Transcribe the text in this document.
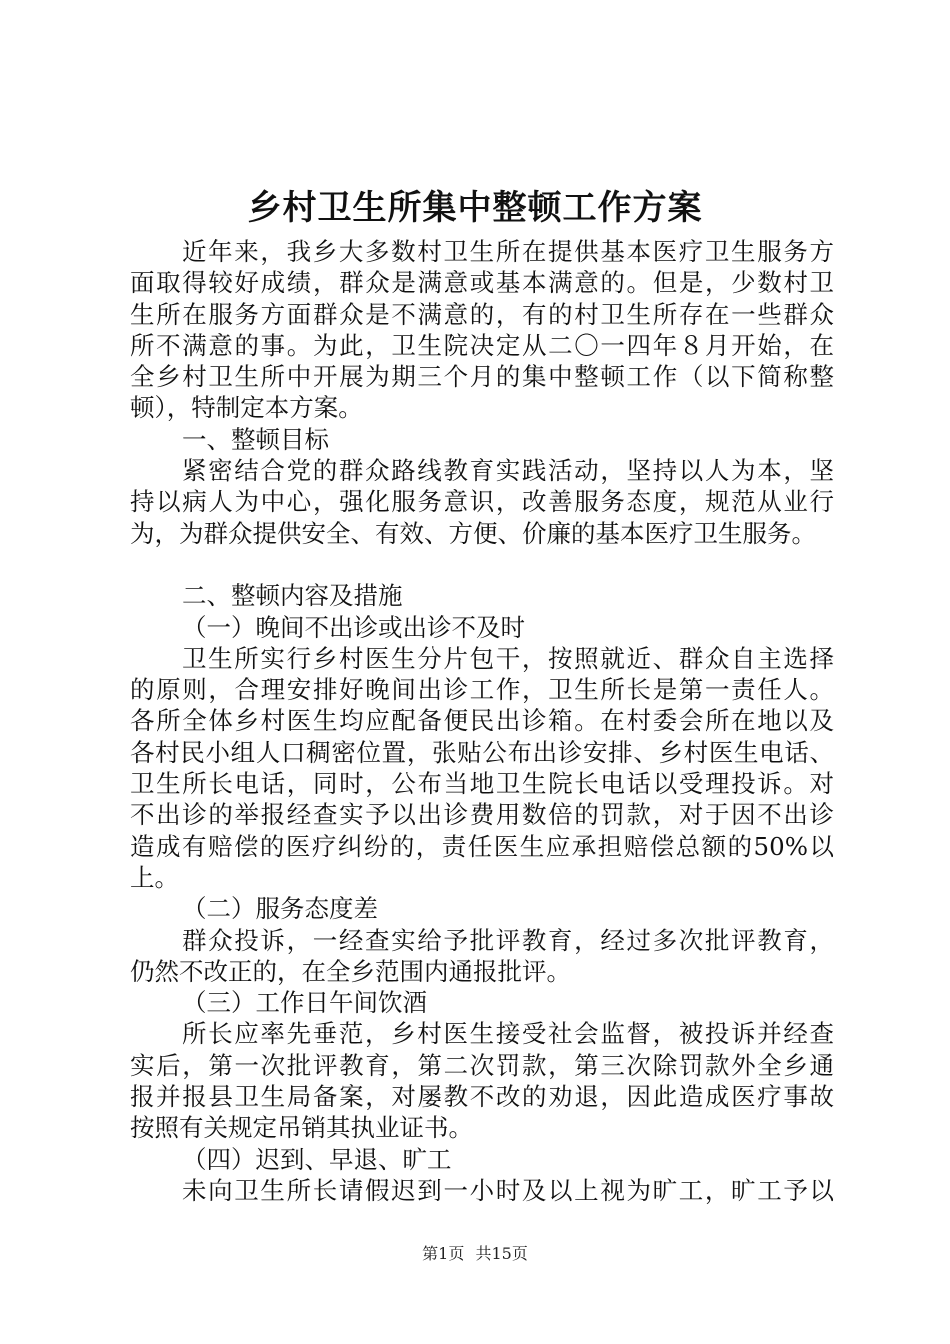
乡村卫生所集中整顿工作方案
近年来，我乡大多数村卫生所在提供基本医疗卫生服务方
面取得较好成绩，群众是满意或基本满意的。但是，少数村卫
生所在服务方面群众是不满意的，有的村卫生所存在一些群众
所不满意的事。为此，卫生院决定从二〇一四年８月开始，在
全乡村卫生所中开展为期三个月的集中整顿工作（以下简称整
顿），特制定本方案。
一、整顿目标
紧密结合党的群众路线教育实践活动，坚持以人为本，坚
持以病人为中心，强化服务意识，改善服务态度，规范从业行
为，为群众提供安全、有效、方便、价廉的基本医疗卫生服务。
二、整顿内容及措施
（一）晚间不出诊或出诊不及时
卫生所实行乡村医生分片包干，按照就近、群众自主选择
的原则，合理安排好晚间出诊工作，卫生所长是第一责任人。
各所全体乡村医生均应配备便民出诊箱。在村委会所在地以及
各村民小组人口稠密位置，张贴公布出诊安排、乡村医生电话、
卫生所长电话，同时，公布当地卫生院长电话以受理投诉。对
不出诊的举报经查实予以出诊费用数倍的罚款，对于因不出诊
造成有赔偿的医疗纠纷的，责任医生应承担赔偿总额的50%以
上。
（二）服务态度差
群众投诉，一经查实给予批评教育，经过多次批评教育，
仍然不改正的，在全乡范围内通报批评。
（三）工作日午间饮酒
所长应率先垂范，乡村医生接受社会监督，被投诉并经查
实后，第一次批评教育，第二次罚款，第三次除罚款外全乡通
报并报县卫生局备案，对屡教不改的劝退，因此造成医疗事故
按照有关规定吊销其执业证书。
（四）迟到、早退、旷工
未向卫生所长请假迟到一小时及以上视为旷工，旷工予以
第1页 共15页
